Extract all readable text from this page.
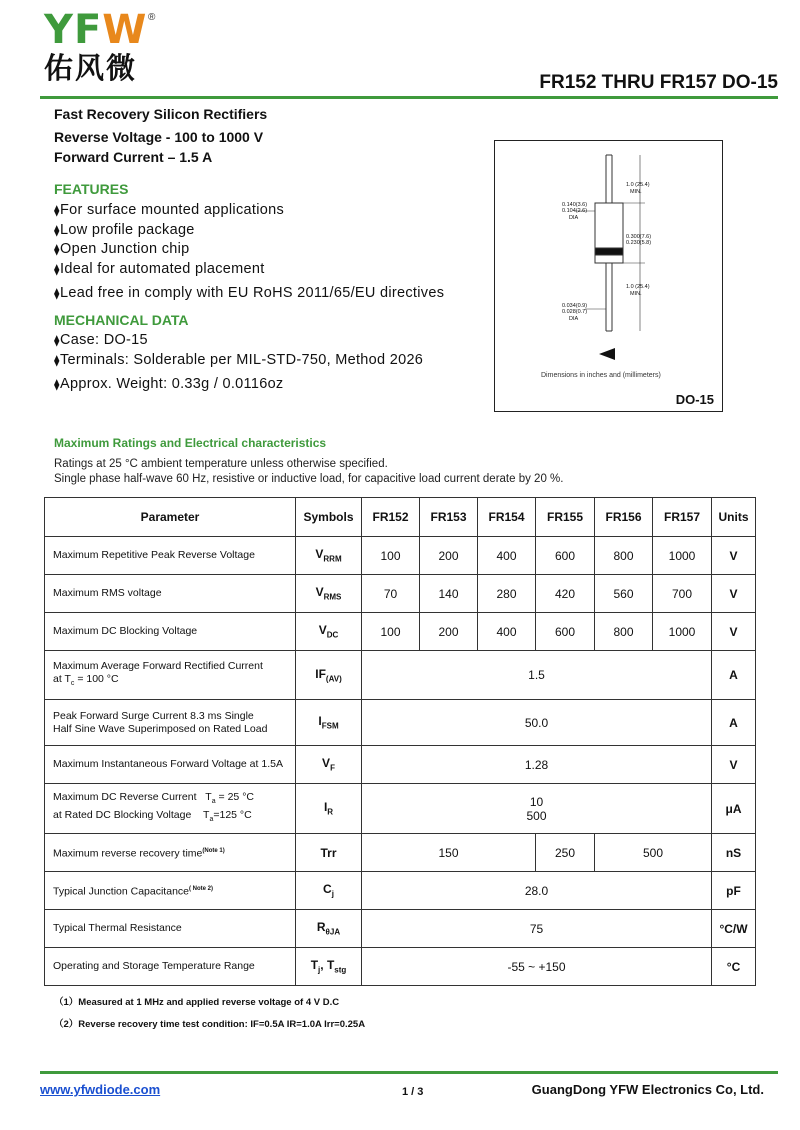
YFW ®
佑风微	FR152 THRU FR157 DO-15
Fast Recovery Silicon Rectifiers
Reverse Voltage - 100 to 1000 V
Forward Current – 1.5 A
FEATURES
⧫For surface mounted applications
⧫Low profile package
⧫Open Junction chip
⧫Ideal for automated placement
⧫Lead free in comply with EU RoHS 2011/65/EU directives
MECHANICAL DATA
⧫Case: DO-15
⧫Terminals: Solderable per MIL-STD-750, Method 2026
⧫Approx. Weight: 0.33g / 0.0116oz
1.0 (25.4)
MIN.
0.140(3.6)
0.104(2.6)
DIA
0.300(7.6)
0.230(5.8)
1.0 (25.4)
MIN.
0.034(0.9)
0.028(0.7)
DIA
Dimensions in inches and (millimeters)
DO-15
Maximum Ratings and Electrical characteristics
Ratings at 25 °C ambient temperature unless otherwise specified.
Single phase half-wave 60 Hz, resistive or inductive load, for capacitive load current derate by 20 %.
Parameter	Symbols	FR152	FR153	FR154	FR155	FR156	FR157	Units
Maximum Repetitive Peak Reverse Voltage	$V_{RRM}$	100	200	400	600	800	1000	V
Maximum RMS voltage	$V_{RMS}$	70	140	280	420	560	700	V
Maximum DC Blocking Voltage	$V_{DC}$	100	200	400	600	800	1000	V
Maximum Average Forward Rectified Current
at $T_c = 100$ °C	$IF_{(AV)}$	1.5						A
Peak Forward Surge Current 8.3 ms Single
Half Sine Wave Superimposed on Rated Load	$I_{FSM}$	50.0						A
Maximum Instantaneous Forward Voltage at 1.5A	$V_F$	1.28						V
Maximum DC Reverse Current $T_a = 25$ °C
at Rated DC Blocking Voltage $T_a=125$ °C	$I_R$	10
500						μA
Maximum reverse recovery time$^{(Note 1)}$	Trr	150			250	500		nS
Typical Junction Capacitance$^{( Note 2)}$	$C_j$	28.0						pF
Typical Thermal Resistance	$R_{\theta JA}$	75						°C/W
Operating and Storage Temperature Range	$T_j$, $T_{stg}$	-55 ~ +150						°C
（1）Measured at 1 MHz and applied reverse voltage of 4 V D.C
（2）Reverse recovery time test condition: IF=0.5A IR=1.0A Irr=0.25A
www.yfwdiode.com	1 / 3	GuangDong YFW Electronics Co, Ltd.
